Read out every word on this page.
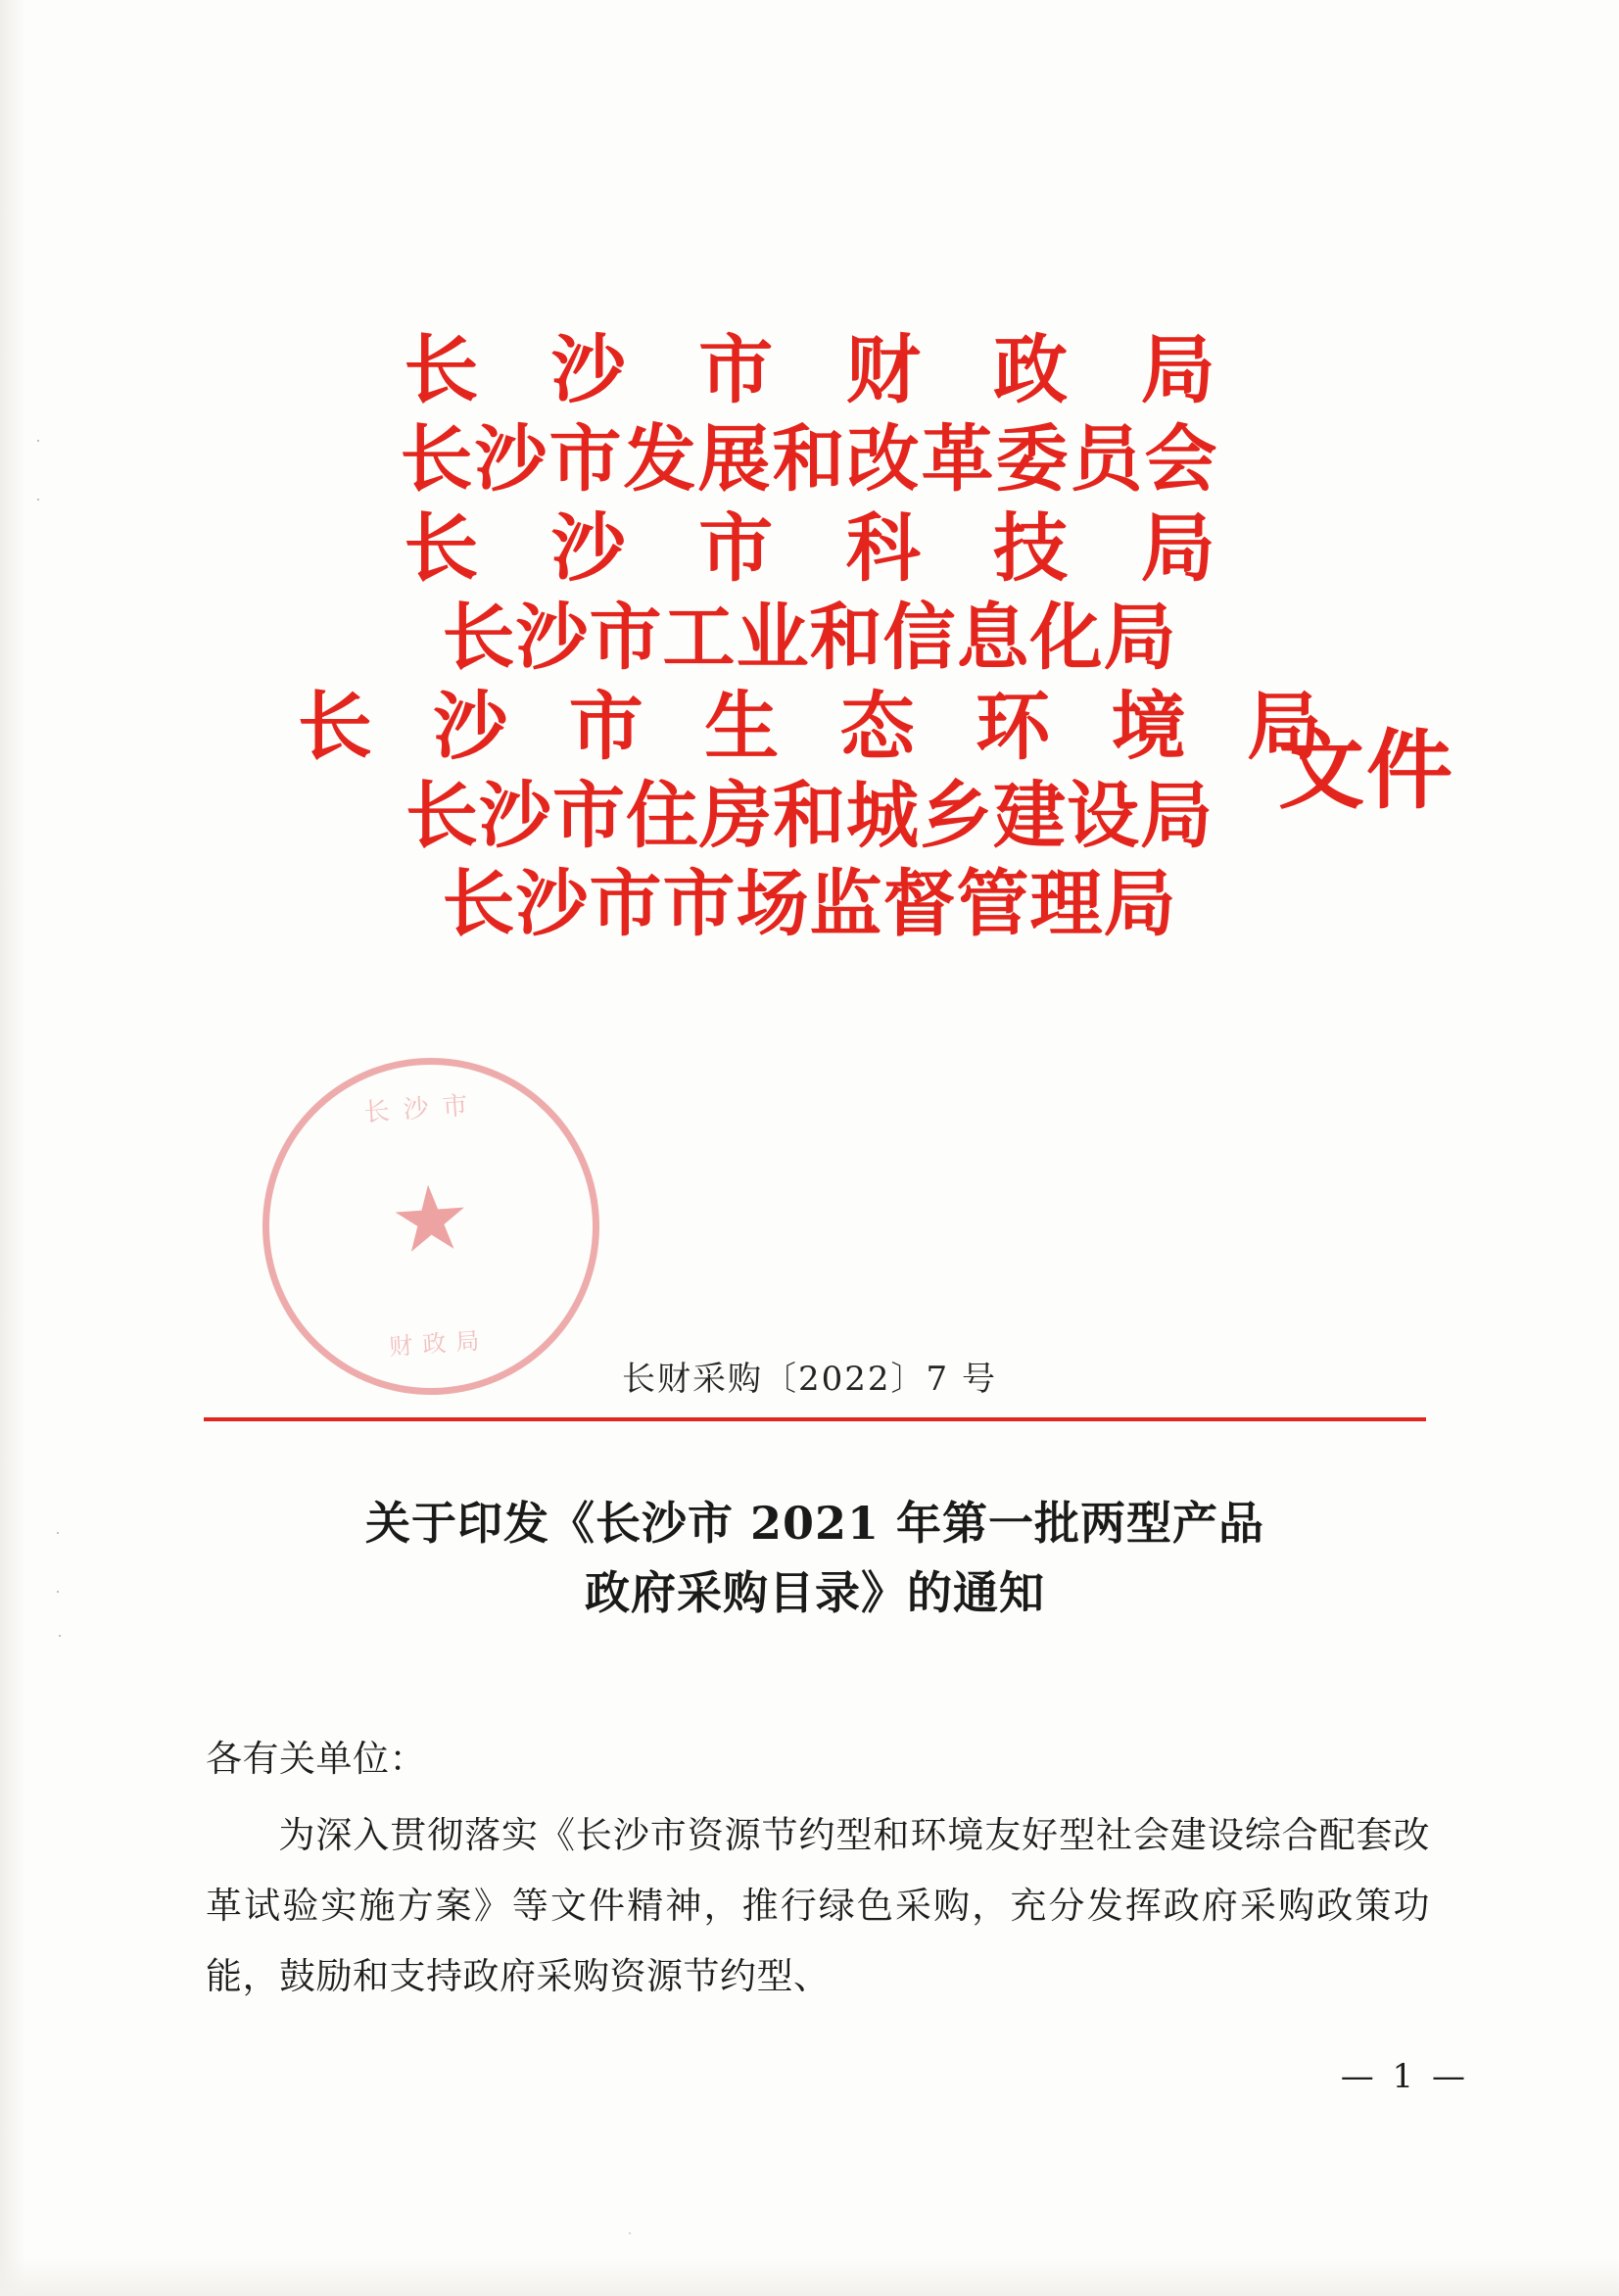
·
·
·
·
·
·
长 沙 市 财 政 局
长沙市发展和改革委员会
长 沙 市 科 技 局
长沙市工业和信息化局
长 沙 市 生 态 环 境 局
长沙市住房和城乡建设局
长沙市市场监督管理局
文件
长沙市
★
财政局
长财采购〔2022〕7 号
关于印发《长沙市 2021 年第一批两型产品
政府采购目录》的通知

各有关单位：

为深入贯彻落实《长沙市资源节约型和环境友好型社会建设综合配套改革试验实施方案》等文件精神，推行绿色采购，充分发挥政府采购政策功能，鼓励和支持政府采购资源节约型、

— 1 —
